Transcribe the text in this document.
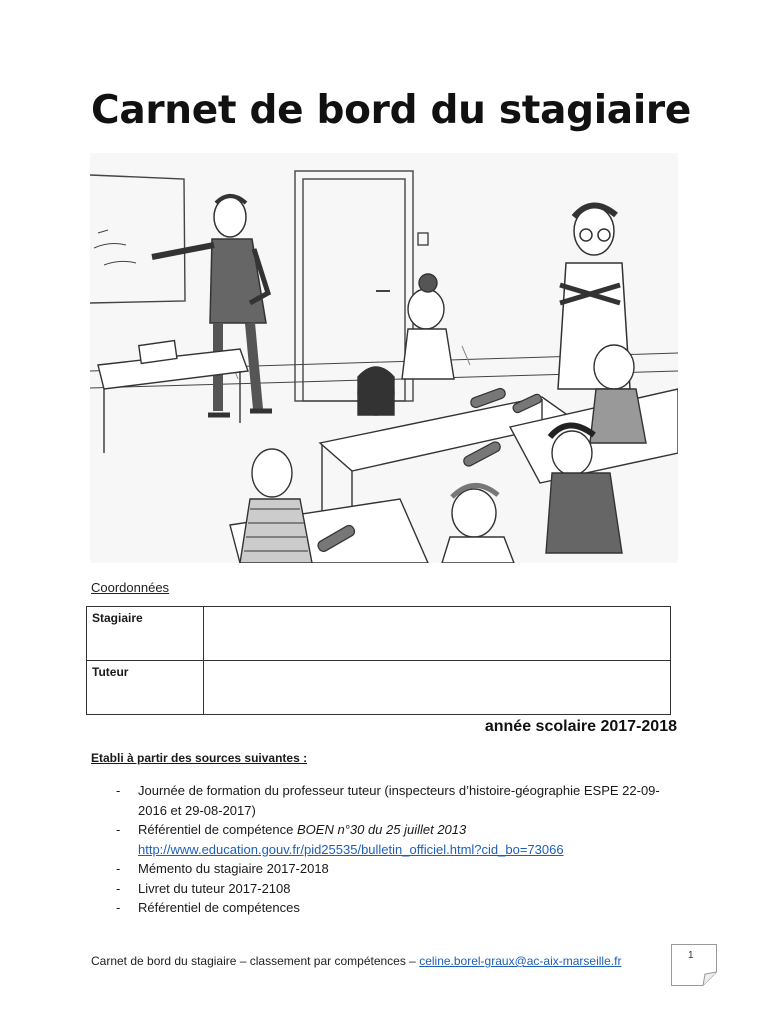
Carnet de bord du stagiaire
Coordonnées
Stagiaire	
Tuteur	
année scolaire 2017-2018
Etabli à partir des sources suivantes :
- Journée de formation du professeur tuteur (inspecteurs d’histoire-géographie ESPE 22-09-2016 et 29-08-2017)
- Référentiel de compétence BOEN n°30 du 25 juillet 2013
http://www.education.gouv.fr/pid25535/bulletin_officiel.html?cid_bo=73066
- Mémento du stagiaire 2017-2018
- Livret du tuteur 2017-2108
- Référentiel de compétences
Carnet de bord du stagiaire – classement par compétences – celine.borel-graux@ac-aix-marseille.fr	1
